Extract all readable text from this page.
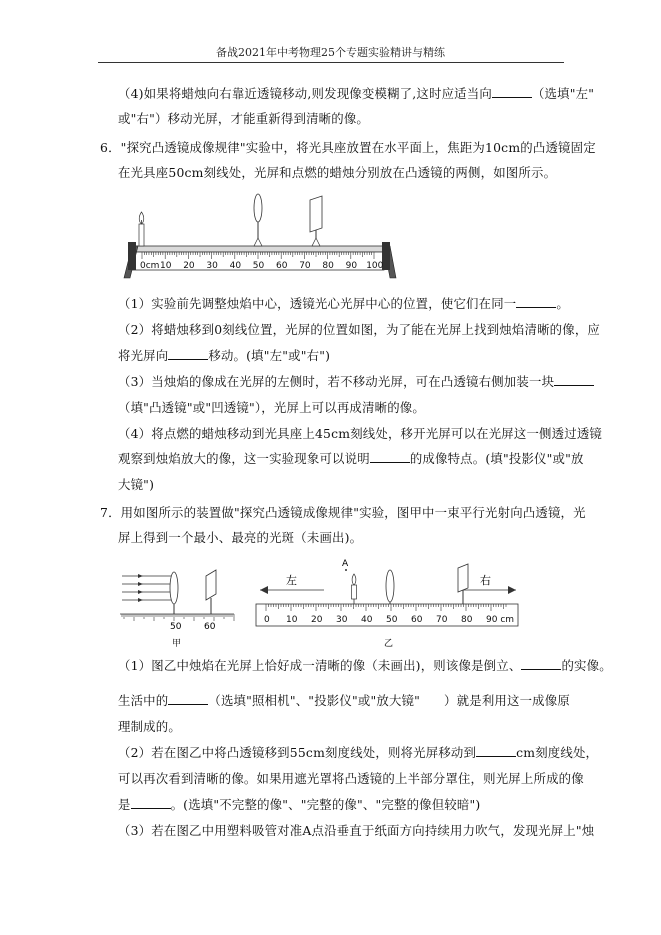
备战2021年中考物理25个专题实验精讲与精练
（4)如果将蜡烛向右靠近透镜移动,则发现像变模糊了,这时应适当向	（选填"左"
或"右"）移动光屏，才能重新得到清晰的像。
6．"探究凸透镜成像规律"实验中，将光具座放置在水平面上，焦距为10cm的凸透镜固定
在光具座50cm刻线处，光屏和点燃的蜡烛分别放在凸透镜的两侧，如图所示。
0cm 10 20 30 40 50 60 70 80 90 100
（1）实验前先调整烛焰中心，透镜光心光屏中心的位置，使它们在同一	。
（2）将蜡烛移到0刻线位置，光屏的位置如图，为了能在光屏上找到烛焰清晰的像，应
将光屏向	移动。(填"左"或"右")
（3）当烛焰的像成在光屏的左侧时，若不移动光屏，可在凸透镜右侧加装一块
（填"凸透镜"或"凹透镜"），光屏上可以再成清晰的像。
（4）将点燃的蜡烛移动到光具座上45cm刻线处，移开光屏可以在光屏这一侧透过透镜
观察到烛焰放大的像，这一实验现象可以说明	的成像特点。(填"投影仪"或"放
大镜")
7．用如图所示的装置做"探究凸透镜成像规律"实验，图甲中一束平行光射向凸透镜，光
屏上得到一个最小、最亮的光斑（未画出)。
50	60
甲
左	右
A
0 10 20 30 40 50 60 70 80 90 cm
乙
（1）图乙中烛焰在光屏上恰好成一清晰的像（未画出)，则该像是倒立、	的实像。
生活中的	（选填"照相机"、"投影仪"或"放大镜" ）就是利用这一成像原
理制成的。
（2）若在图乙中将凸透镜移到55cm刻度线处，则将光屏移动到	cm刻度线处，
可以再次看到清晰的像。如果用遮光罩将凸透镜的上半部分罩住，则光屏上所成的像
是	。(选填"不完整的像"、"完整的像"、"完整的像但较暗")
（3）若在图乙中用塑料吸管对准A点沿垂直于纸面方向持续用力吹气，发现光屏上"烛
